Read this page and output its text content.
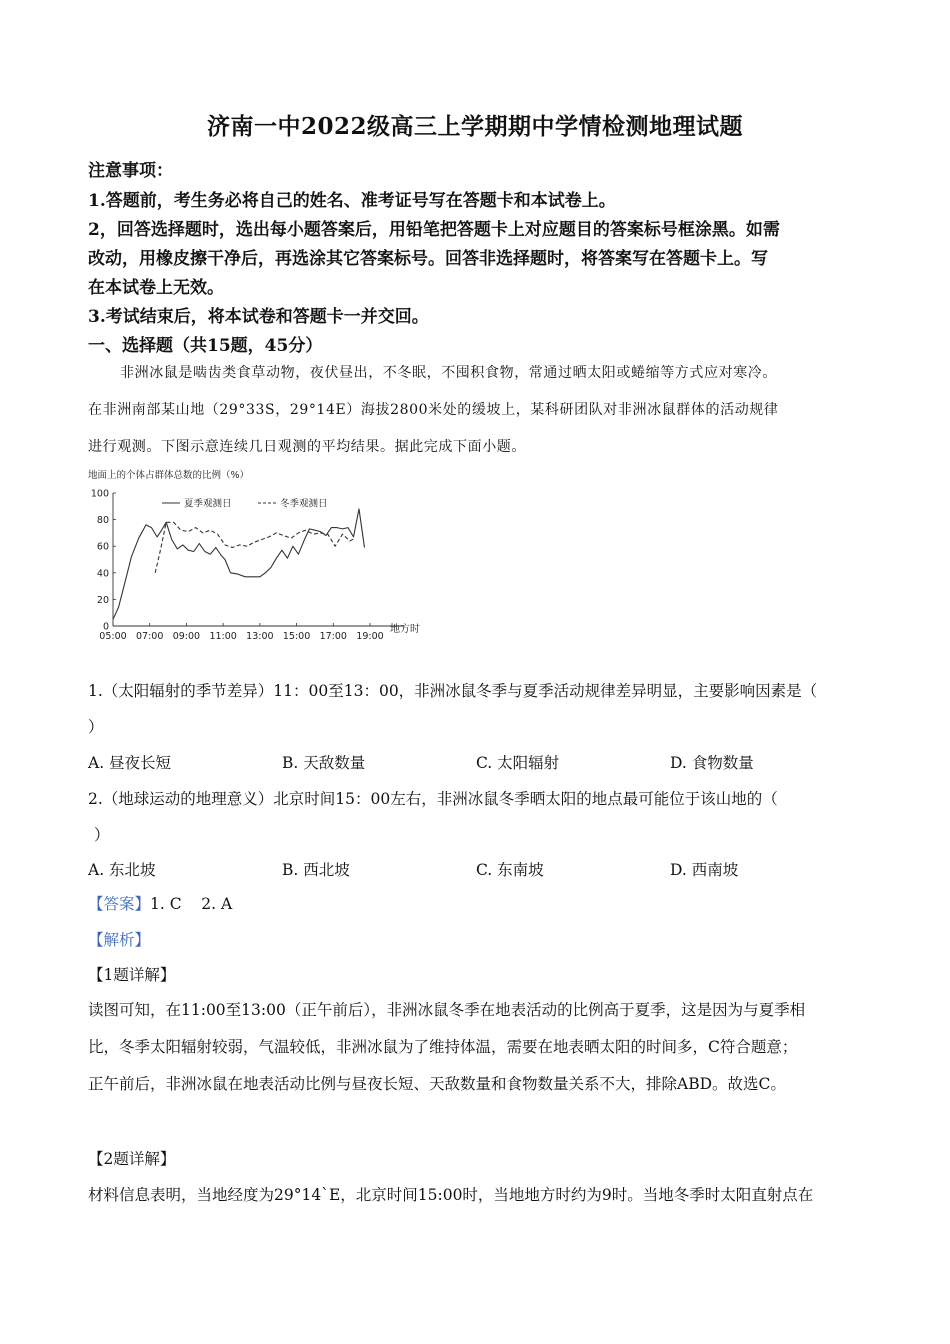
济南一中2022级高三上学期期中学情检测地理试题
注意事项：
1.答题前，考生务必将自己的姓名、准考证号写在答题卡和本试卷上。
2，回答选择题时，选出每小题答案后，用铅笔把答题卡上对应题目的答案标号框涂黑。如需
改动，用橡皮擦干净后，再选涂其它答案标号。回答非选择题时，将答案写在答题卡上。写
在本试卷上无效。
3.考试结束后，将本试卷和答题卡一并交回。
一、选择题（共15题，45分）
非洲冰鼠是啮齿类食草动物，夜伏昼出，不冬眠，不囤积食物，常通过晒太阳或蜷缩等方式应对寒冷。
在非洲南部某山地（29°33S，29°14E）海拔2800米处的缓坡上，某科研团队对非洲冰鼠群体的活动规律
进行观测。下图示意连续几日观测的平均结果。据此完成下面小题。
地面上的个体占群体总数的比例（%）
0
20
40
60
80
100
05:00 07:00 09:00 11:00 13:00 15:00 17:00 19:00
夏季观测日	冬季观测日
地方时
1.（太阳辐射的季节差异）11：00至13：00，非洲冰鼠冬季与夏季活动规律差异明显，主要影响因素是（
）
A. 昼夜长短	B. 天敌数量	C. 太阳辐射	D. 食物数量
2.（地球运动的地理意义）北京时间15：00左右，非洲冰鼠冬季晒太阳的地点最可能位于该山地的（
）
A. 东北坡	B. 西北坡	C. 东南坡	D. 西南坡
【答案】1. C    2. A
【解析】
【1题详解】
读图可知，在11:00至13:00（正午前后），非洲冰鼠冬季在地表活动的比例高于夏季，这是因为与夏季相
比，冬季太阳辐射较弱，气温较低，非洲冰鼠为了维持体温，需要在地表晒太阳的时间多，C符合题意；
正午前后，非洲冰鼠在地表活动比例与昼夜长短、天敌数量和食物数量关系不大，排除ABD。故选C。
【2题详解】
材料信息表明，当地经度为29°14`E，北京时间15:00时，当地地方时约为9时。当地冬季时太阳直射点在
